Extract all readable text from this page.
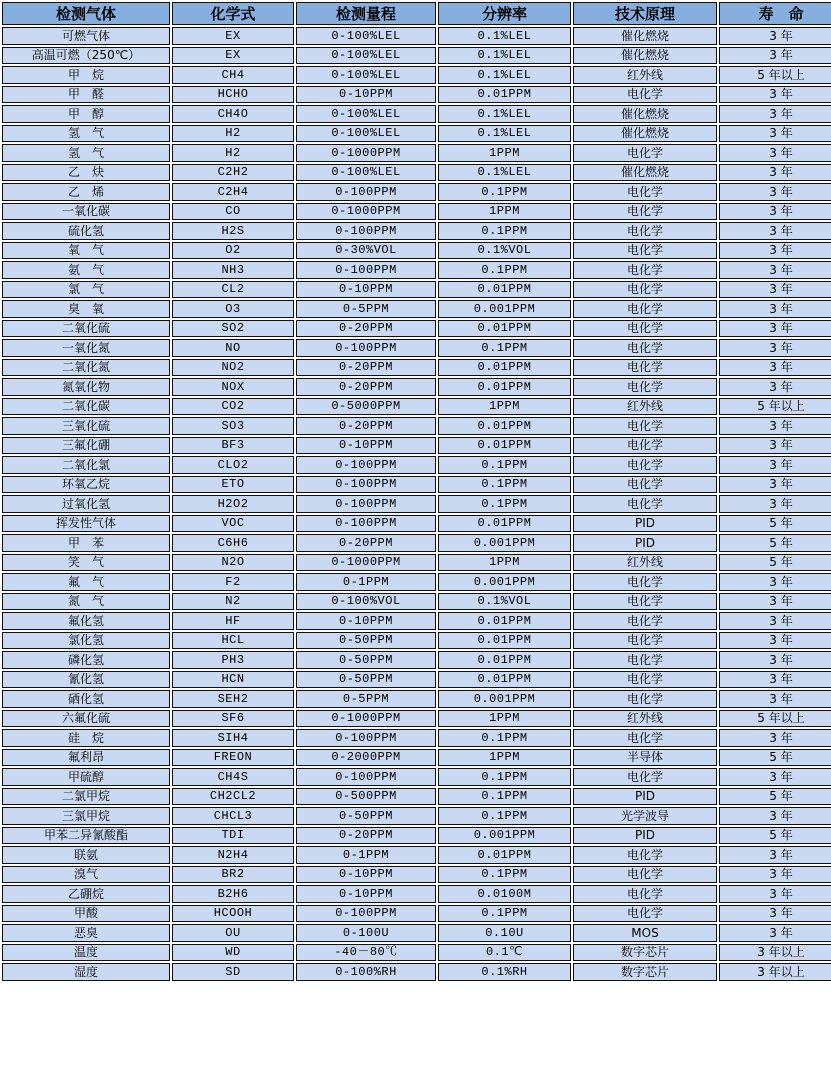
检测气体	化学式	检测量程	分辨率	技术原理	寿　命
可燃气体	EX	0-100%LEL	0.1%LEL	催化燃烧	3 年
高温可燃（250℃）	EX	0-100%LEL	0.1%LEL	催化燃烧	3 年
甲　烷	CH4	0-100%LEL	0.1%LEL	红外线	5 年以上
甲　醛	HCHO	0-10PPM	0.01PPM	电化学	3 年
甲　醇	CH4O	0-100%LEL	0.1%LEL	催化燃烧	3 年
氢　气	H2	0-100%LEL	0.1%LEL	催化燃烧	3 年
氢　气	H2	0-1000PPM	1PPM	电化学	3 年
乙　炔	C2H2	0-100%LEL	0.1%LEL	催化燃烧	3 年
乙　烯	C2H4	0-100PPM	0.1PPM	电化学	3 年
一氧化碳	CO	0-1000PPM	1PPM	电化学	3 年
硫化氢	H2S	0-100PPM	0.1PPM	电化学	3 年
氧　气	O2	0-30%VOL	0.1%VOL	电化学	3 年
氨　气	NH3	0-100PPM	0.1PPM	电化学	3 年
氯　气	CL2	0-10PPM	0.01PPM	电化学	3 年
臭　氧	O3	0-5PPM	0.001PPM	电化学	3 年
二氧化硫	SO2	0-20PPM	0.01PPM	电化学	3 年
一氧化氮	NO	0-100PPM	0.1PPM	电化学	3 年
二氧化氮	NO2	0-20PPM	0.01PPM	电化学	3 年
氮氧化物	NOX	0-20PPM	0.01PPM	电化学	3 年
二氧化碳	CO2	0-5000PPM	1PPM	红外线	5 年以上
三氧化硫	SO3	0-20PPM	0.01PPM	电化学	3 年
三氟化硼	BF3	0-10PPM	0.01PPM	电化学	3 年
二氧化氯	CLO2	0-100PPM	0.1PPM	电化学	3 年
环氧乙烷	ETO	0-100PPM	0.1PPM	电化学	3 年
过氧化氢	H2O2	0-100PPM	0.1PPM	电化学	3 年
挥发性气体	VOC	0-100PPM	0.01PPM	PID	5 年
甲　苯	C6H6	0-20PPM	0.001PPM	PID	5 年
笑　气	N2O	0-1000PPM	1PPM	红外线	5 年
氟　气	F2	0-1PPM	0.001PPM	电化学	3 年
氮　气	N2	0-100%VOL	0.1%VOL	电化学	3 年
氟化氢	HF	0-10PPM	0.01PPM	电化学	3 年
氯化氢	HCL	0-50PPM	0.01PPM	电化学	3 年
磷化氢	PH3	0-50PPM	0.01PPM	电化学	3 年
氰化氢	HCN	0-50PPM	0.01PPM	电化学	3 年
硒化氢	SEH2	0-5PPM	0.001PPM	电化学	3 年
六氟化硫	SF6	0-1000PPM	1PPM	红外线	5 年以上
硅　烷	SIH4	0-100PPM	0.1PPM	电化学	3 年
氟利昂	FREON	0-2000PPM	1PPM	半导体	5 年
甲硫醇	CH4S	0-100PPM	0.1PPM	电化学	3 年
二氯甲烷	CH2CL2	0-500PPM	0.1PPM	PID	5 年
三氯甲烷	CHCL3	0-50PPM	0.1PPM	光学波导	3 年
甲苯二异氰酸酯	TDI	0-20PPM	0.001PPM	PID	5 年
联氨	N2H4	0-1PPM	0.01PPM	电化学	3 年
溴气	BR2	0-10PPM	0.1PPM	电化学	3 年
乙硼烷	B2H6	0-10PPM	0.0100M	电化学	3 年
甲酸	HCOOH	0-100PPM	0.1PPM	电化学	3 年
恶臭	OU	0-100U	0.10U	MOS	3 年
温度	WD	-40－80℃	0.1℃	数字芯片	3 年以上
湿度	SD	0-100%RH	0.1%RH	数字芯片	3 年以上
